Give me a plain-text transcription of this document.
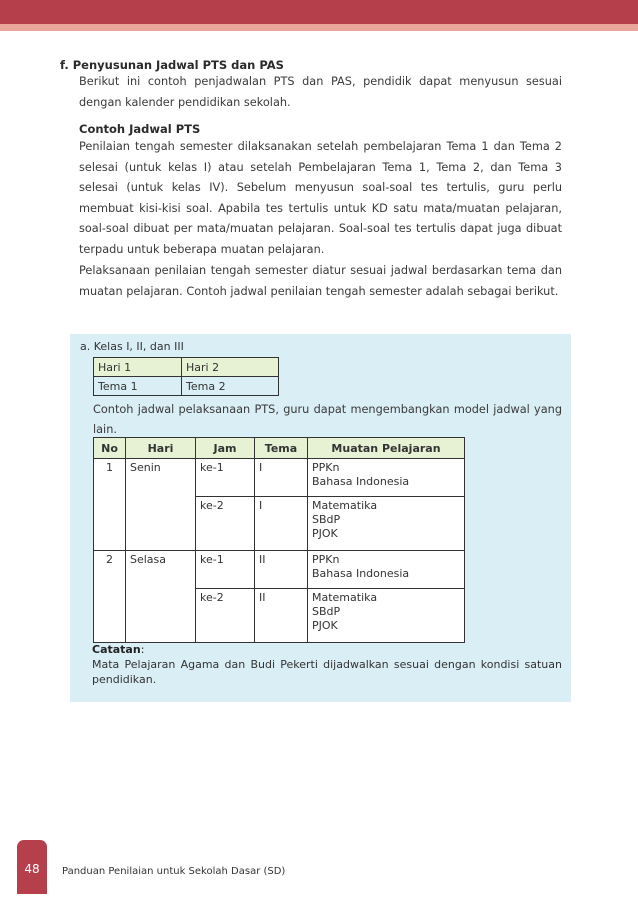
f. Penyusunan Jadwal PTS dan PAS

Berikut ini contoh penjadwalan PTS dan PAS, pendidik dapat menyusun sesuai dengan kalender pendidikan sekolah.

Contoh Jadwal PTS

Penilaian tengah semester dilaksanakan setelah pembelajaran Tema 1 dan Tema 2 selesai (untuk kelas I) atau setelah Pembelajaran Tema 1, Tema 2, dan Tema 3 selesai (untuk kelas IV). Sebelum menyusun soal-soal tes tertulis, guru perlu membuat kisi-kisi soal. Apabila tes tertulis untuk KD satu mata/muatan pelajaran, soal-soal dibuat per mata/muatan pelajaran. Soal-soal tes tertulis dapat juga dibuat terpadu untuk beberapa muatan pelajaran.

Pelaksanaan penilaian tengah semester diatur sesuai jadwal berdasarkan tema dan muatan pelajaran. Contoh jadwal penilaian tengah semester adalah sebagai berikut.

a. Kelas I, II, dan III
Hari 1	Hari 2
Tema 1	Tema 2

Contoh jadwal pelaksanaan PTS, guru dapat mengembangkan model jadwal yang lain.

No	Hari	Jam	Tema	Muatan Pelajaran
1	Senin	ke-1	I	PPKn
Bahasa Indonesia

		ke-2	I	Matematika
SBdP
PJOK

2	Selasa	ke-1	II	PPKn
Bahasa Indonesia

		ke-2	II	Matematika
SBdP
PJOK
Catatan:

Mata Pelajaran Agama dan Budi Pekerti dijadwalkan sesuai dengan kondisi satuan pendidikan.

48	Panduan Penilaian untuk Sekolah Dasar (SD)
